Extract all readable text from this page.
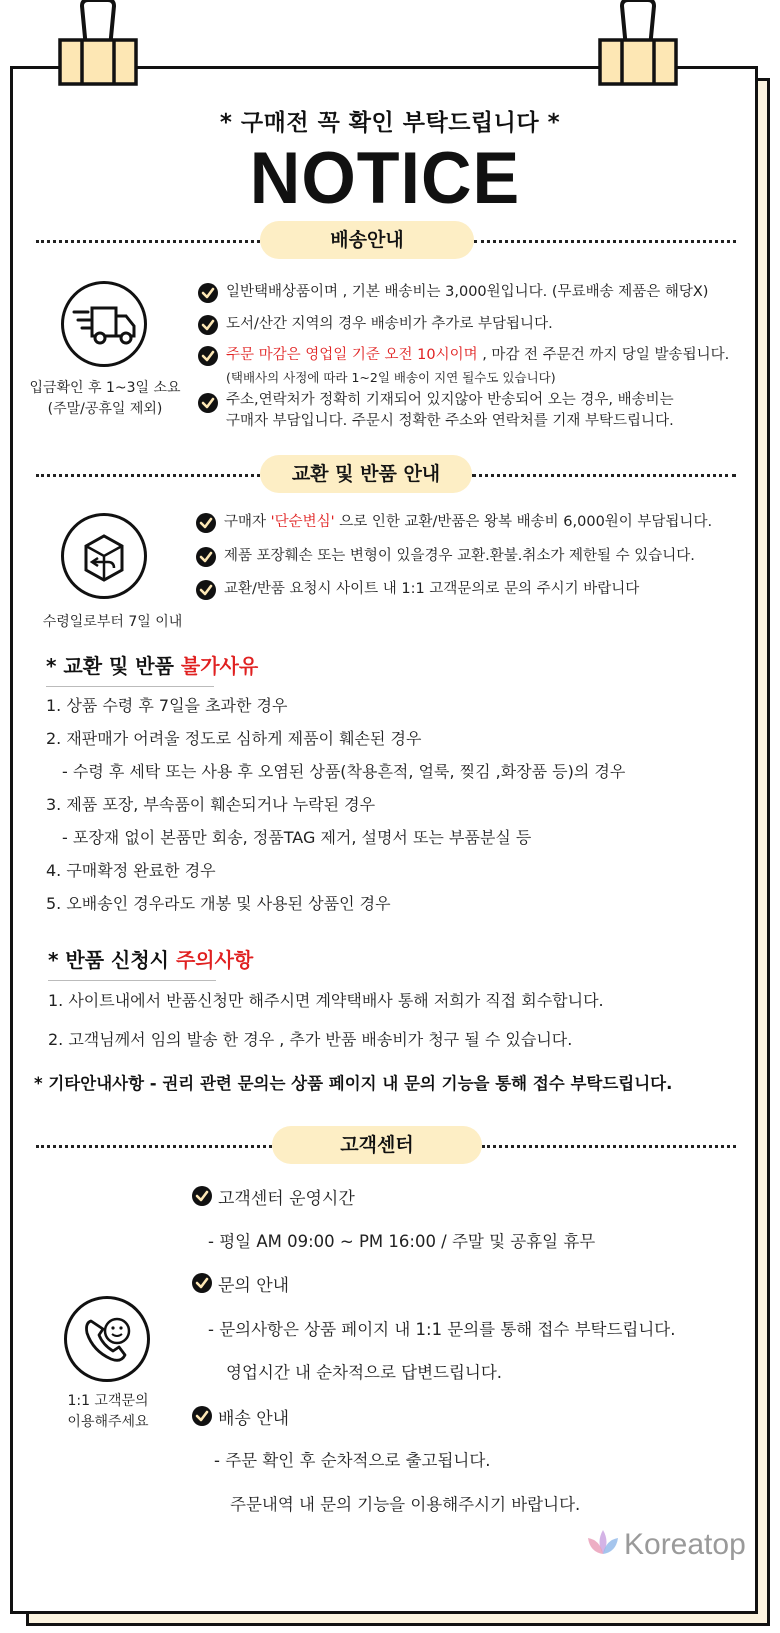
* 구매전 꼭 확인 부탁드립니다 *
NOTICE
배송안내
입금확인 후 1~3일 소요
(주말/공휴일 제외)
일반택배상품이며 , 기본 배송비는 3,000원입니다. (무료배송 제품은 해당X)
도서/산간 지역의 경우 배송비가 추가로 부담됩니다.
주문 마감은 영업일 기준 오전 10시이며 , 마감 전 주문건 까지 당일 발송됩니다.
(택배사의 사정에 따라 1~2일 배송이 지연 될수도 있습니다)
주소,연락처가 정확히 기재되어 있지않아 반송되어 오는 경우, 배송비는
구매자 부담입니다. 주문시 정확한 주소와 연락처를 기재 부탁드립니다.
교환 및 반품 안내
수령일로부터 7일 이내
구매자 '단순변심' 으로 인한 교환/반품은 왕복 배송비 6,000원이 부담됩니다.
제품 포장훼손 또는 변형이 있을경우 교환.환불.취소가 제한될 수 있습니다.
교환/반품 요청시 사이트 내 1:1 고객문의로 문의 주시기 바랍니다
* 교환 및 반품 불가사유
1. 상품 수령 후 7일을 초과한 경우
2. 재판매가 어려울 정도로 심하게 제품이 훼손된 경우
- 수령 후 세탁 또는 사용 후 오염된 상품(착용흔적, 얼룩, 찢김 ,화장품 등)의 경우
3. 제품 포장, 부속품이 훼손되거나 누락된 경우
- 포장재 없이 본품만 회송, 정품TAG 제거, 설명서 또는 부품분실 등
4. 구매확정 완료한 경우
5. 오배송인 경우라도 개봉 및 사용된 상품인 경우
* 반품 신청시 주의사항
1. 사이트내에서 반품신청만 해주시면 계약택배사 통해 저희가 직접 회수합니다.
2. 고객님께서 임의 발송 한 경우 , 추가 반품 배송비가 청구 될 수 있습니다.
* 기타안내사항 - 권리 관련 문의는 상품 페이지 내 문의 기능을 통해 접수 부탁드립니다.
고객센터
1:1 고객문의
이용해주세요
고객센터 운영시간
- 평일 AM 09:00 ~ PM 16:00 / 주말 및 공휴일 휴무
문의 안내
- 문의사항은 상품 페이지 내 1:1 문의를 통해 접수 부탁드립니다.
영업시간 내 순차적으로 답변드립니다.
배송 안내
- 주문 확인 후 순차적으로 출고됩니다.
주문내역 내 문의 기능을 이용해주시기 바랍니다.
Koreatop
